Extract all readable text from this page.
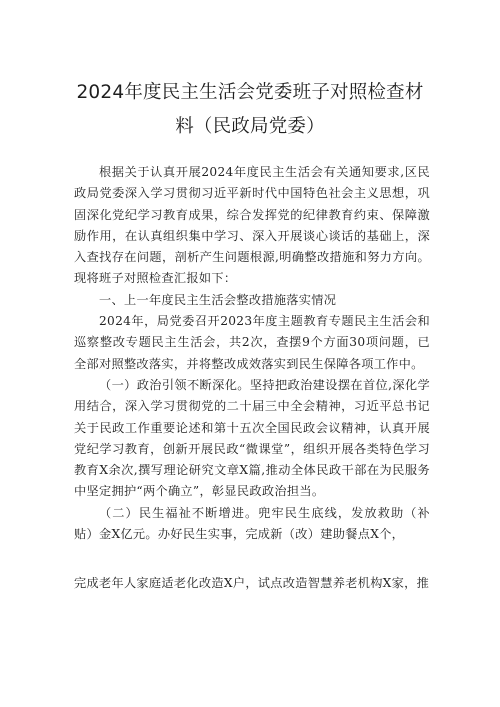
2024年度民主生活会党委班子对照检查材
料（民政局党委）

根据关于认真开展2024年度民主生活会有关通知要求,区民政局党委深入学习贯彻习近平新时代中国特色社会主义思想，巩固深化党纪学习教育成果，综合发挥党的纪律教育约束、保障激励作用，在认真组织集中学习、深入开展谈心谈话的基础上，深入查找存在问题，剖析产生问题根源,明确整改措施和努力方向。现将班子对照检查汇报如下：

一、上一年度民主生活会整改措施落实情况

2024年，局党委召开2023年度主题教育专题民主生活会和巡察整改专题民主生活会，共2次，查摆9个方面30项问题，已全部对照整改落实，并将整改成效落实到民生保障各项工作中。

（一）政治引领不断深化。坚持把政治建设摆在首位,深化学用结合，深入学习贯彻党的二十届三中全会精神，习近平总书记关于民政工作重要论述和第十五次全国民政会议精神，认真开展党纪学习教育，创新开展民政“微课堂”，组织开展各类特色学习教育X余次,撰写理论研究文章X篇,推动全体民政干部在为民服务中坚定拥护“两个确立”，彰显民政政治担当。

（二）民生福祉不断增进。兜牢民生底线，发放救助（补贴）金X亿元。办好民生实事，完成新（改）建助餐点X个，

完成老年人家庭适老化改造X户，试点改造智慧养老机构X家，推
